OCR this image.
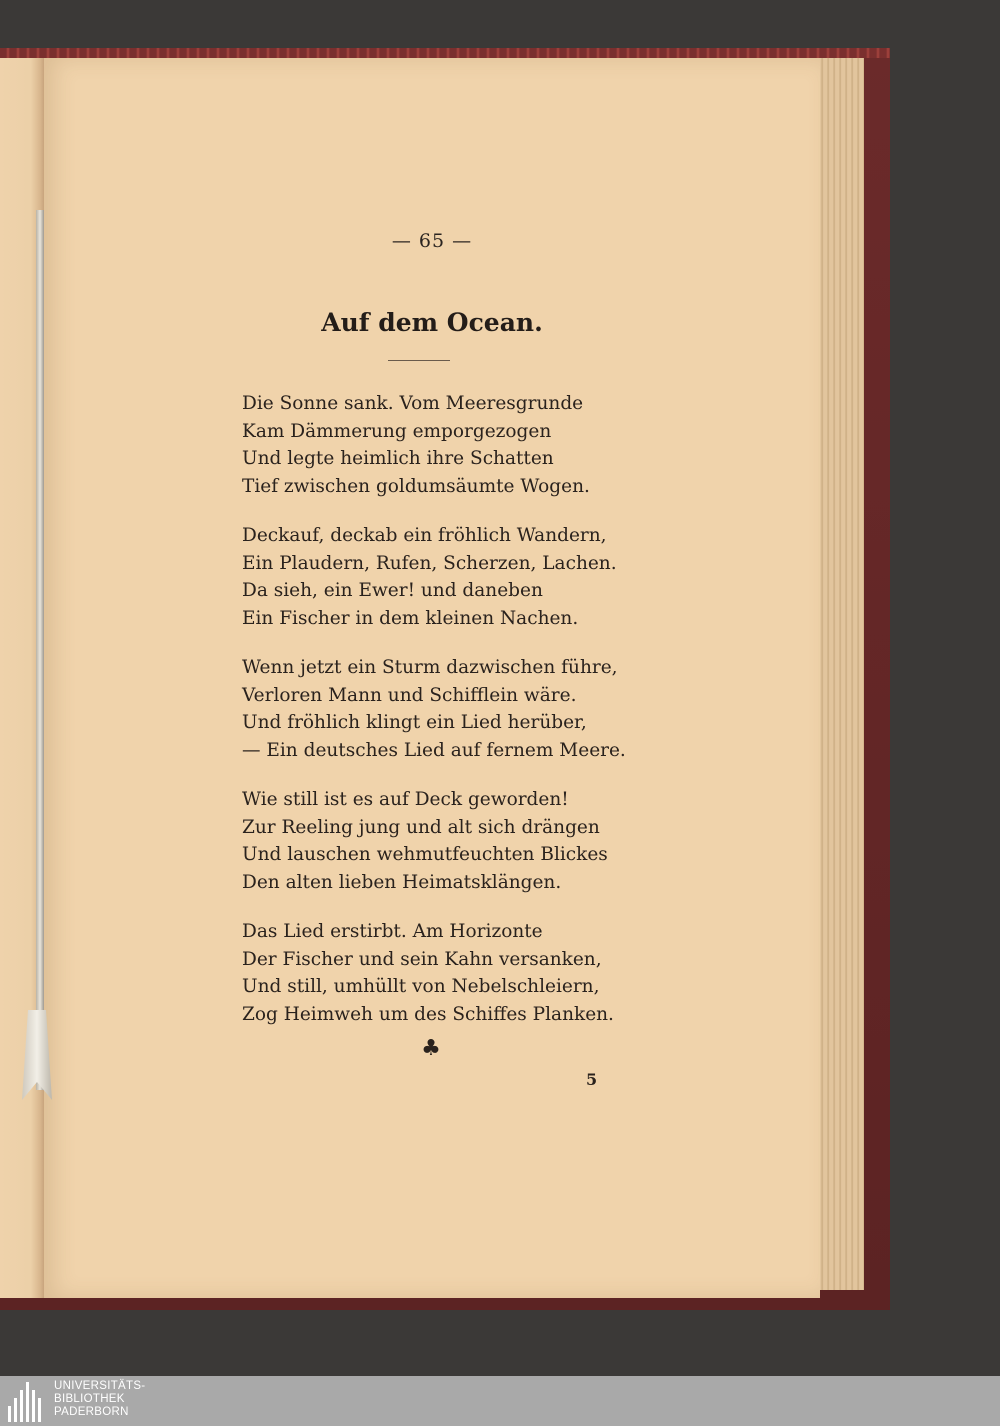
— 65 —
Auf dem Ocean.
Die Sonne sank. Vom Meeresgrunde
Kam Dämmerung emporgezogen
Und legte heimlich ihre Schatten
Tief zwischen goldumsäumte Wogen.
Deckauf, deckab ein fröhlich Wandern,
Ein Plaudern, Rufen, Scherzen, Lachen.
Da sieh, ein Ewer! und daneben
Ein Fischer in dem kleinen Nachen.
Wenn jetzt ein Sturm dazwischen führe,
Verloren Mann und Schifflein wäre.
Und fröhlich klingt ein Lied herüber,
— Ein deutsches Lied auf fernem Meere.
Wie still ist es auf Deck geworden!
Zur Reeling jung und alt sich drängen
Und lauschen wehmutfeuchten Blickes
Den alten lieben Heimatsklängen.
Das Lied erstirbt. Am Horizonte
Der Fischer und sein Kahn versanken,
Und still, umhüllt von Nebelschleiern,
Zog Heimweh um des Schiffes Planken.
♣
5
UNIVERSITÄTS-
BIBLIOTHEK
PADERBORN
